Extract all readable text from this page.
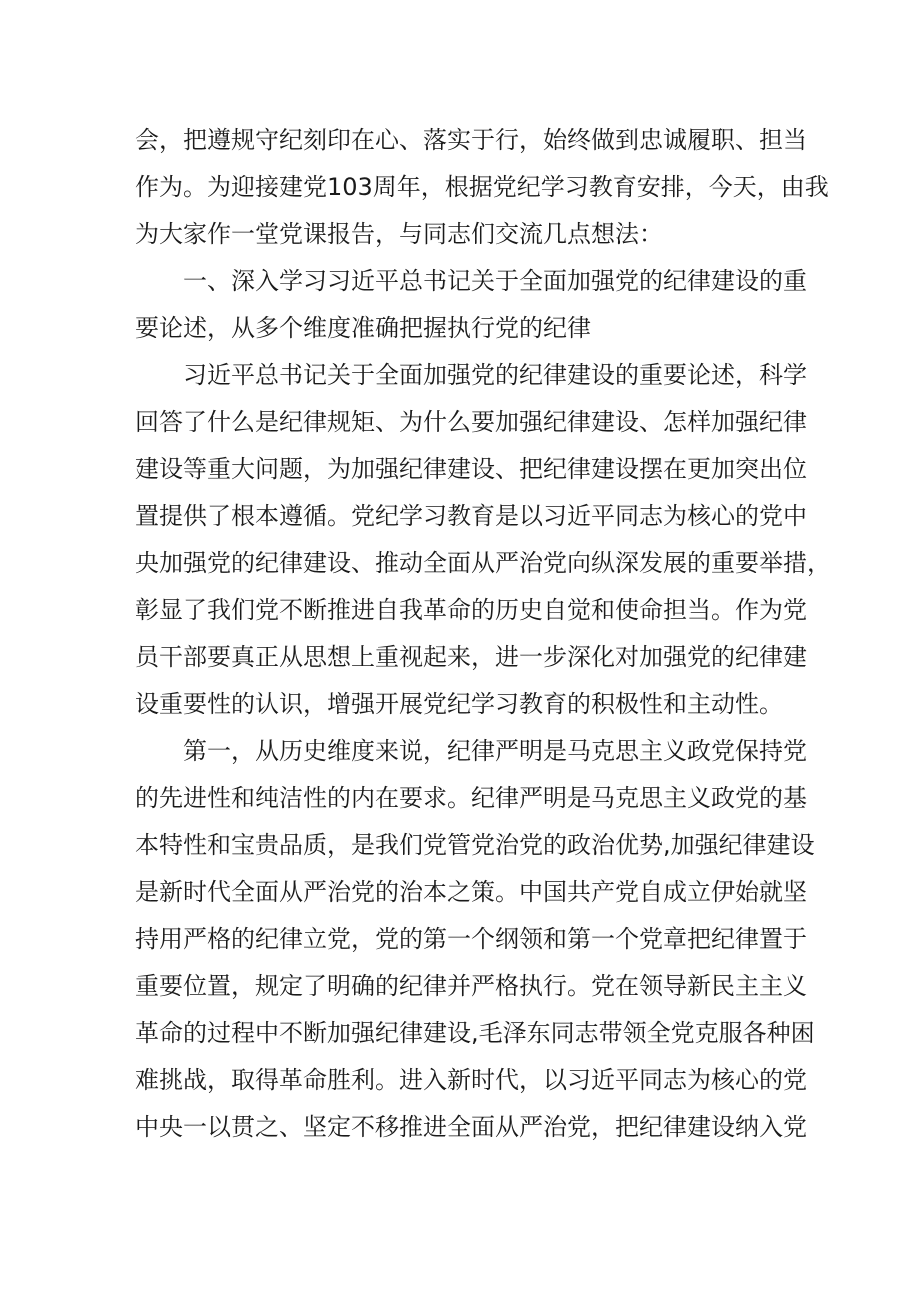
会，把遵规守纪刻印在心、落实于行，始终做到忠诚履职、担当
作为。为迎接建党103周年，根据党纪学习教育安排，今天，由我
为大家作一堂党课报告，与同志们交流几点想法：
一、深入学习习近平总书记关于全面加强党的纪律建设的重
要论述，从多个维度准确把握执行党的纪律
习近平总书记关于全面加强党的纪律建设的重要论述，科学
回答了什么是纪律规矩、为什么要加强纪律建设、怎样加强纪律
建设等重大问题，为加强纪律建设、把纪律建设摆在更加突出位
置提供了根本遵循。党纪学习教育是以习近平同志为核心的党中
央加强党的纪律建设、推动全面从严治党向纵深发展的重要举措，
彰显了我们党不断推进自我革命的历史自觉和使命担当。作为党
员干部要真正从思想上重视起来，进一步深化对加强党的纪律建
设重要性的认识，增强开展党纪学习教育的积极性和主动性。
第一，从历史维度来说，纪律严明是马克思主义政党保持党
的先进性和纯洁性的内在要求。纪律严明是马克思主义政党的基
本特性和宝贵品质，是我们党管党治党的政治优势,加强纪律建设
是新时代全面从严治党的治本之策。中国共产党自成立伊始就坚
持用严格的纪律立党，党的第一个纲领和第一个党章把纪律置于
重要位置，规定了明确的纪律并严格执行。党在领导新民主主义
革命的过程中不断加强纪律建设,毛泽东同志带领全党克服各种困
难挑战，取得革命胜利。进入新时代，以习近平同志为核心的党
中央一以贯之、坚定不移推进全面从严治党，把纪律建设纳入党
